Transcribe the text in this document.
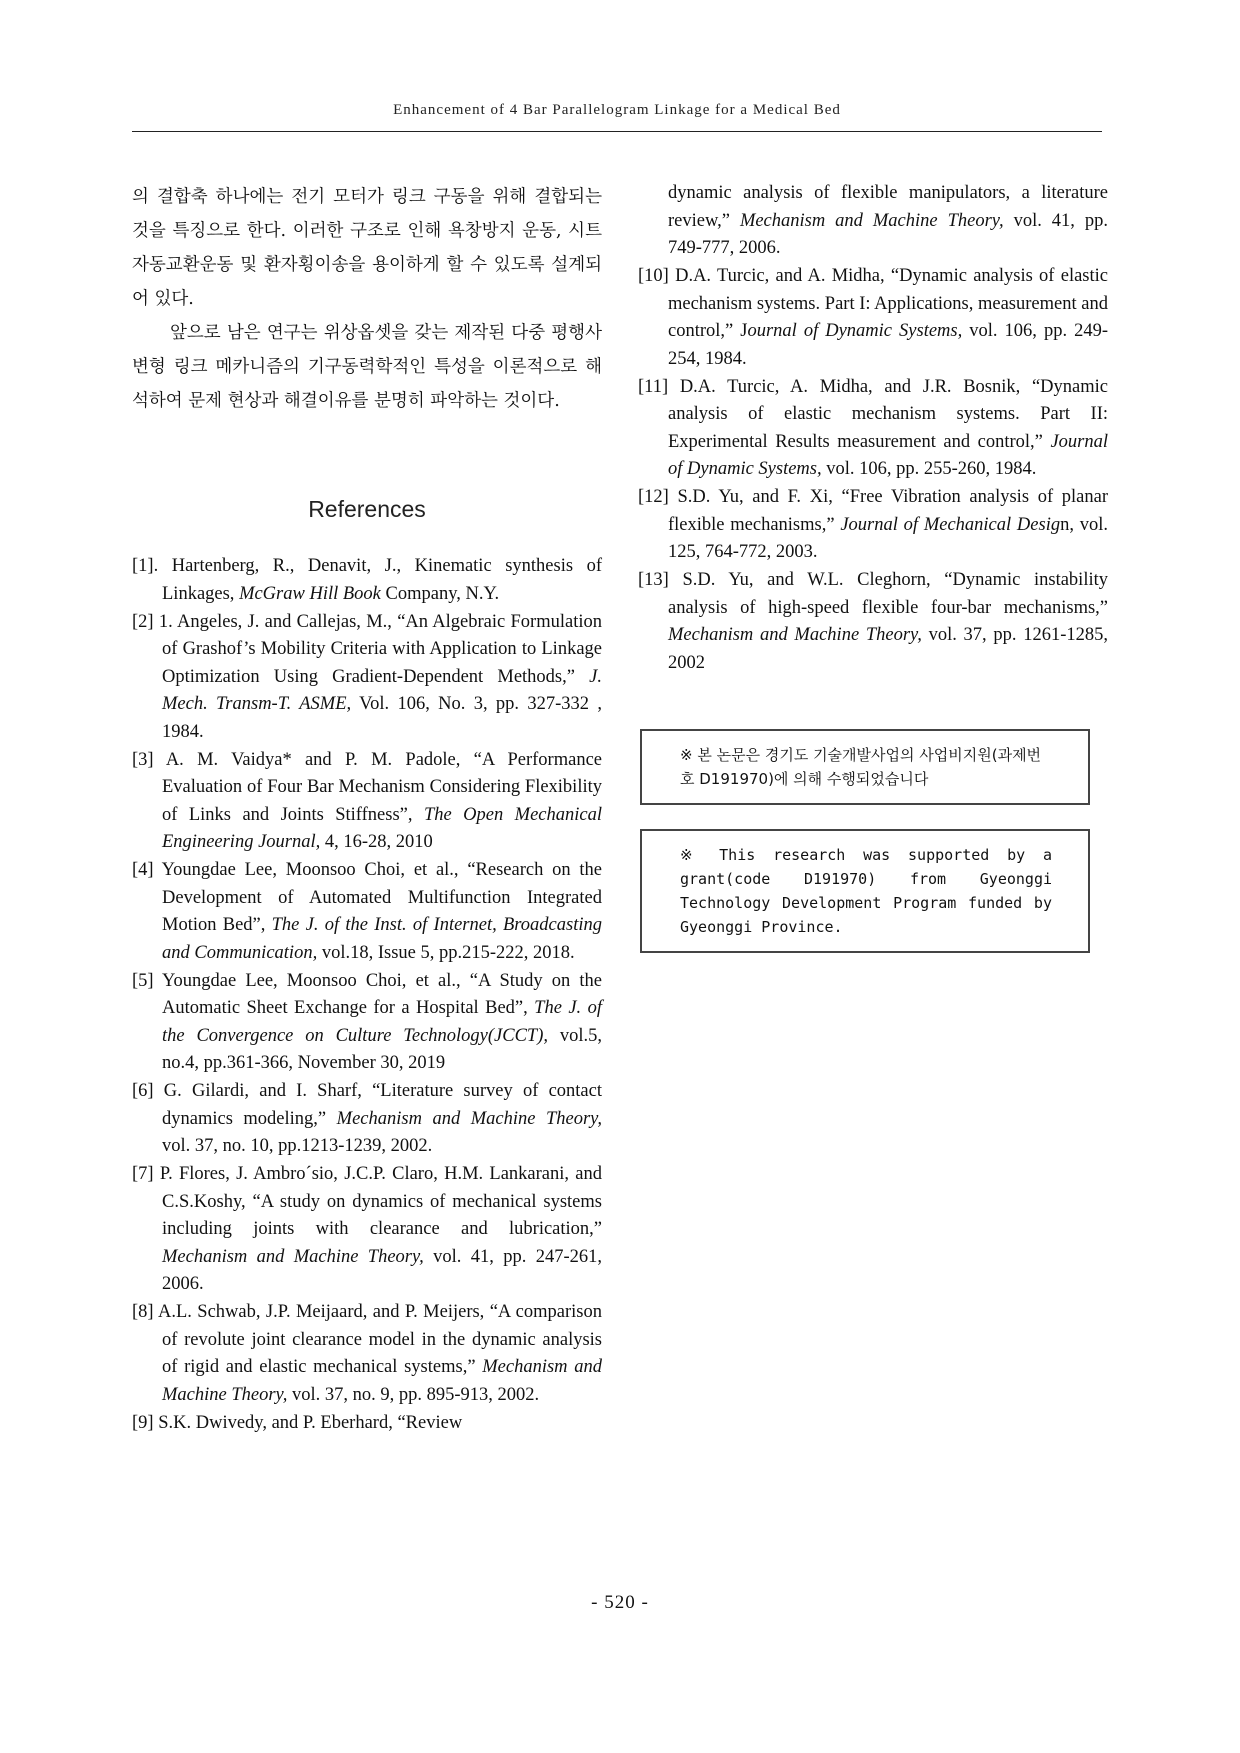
Enhancement of 4 Bar Parallelogram Linkage for a Medical Bed

의 결합축 하나에는 전기 모터가 링크 구동을 위해 결합되는 것을 특징으로 한다. 이러한 구조로 인해 욕창방지 운동, 시트자동교환운동 및 환자횡이송을 용이하게 할 수 있도록 설계되어 있다.

앞으로 남은 연구는 위상옵셋을 갖는 제작된 다중 평행사변형 링크 메카니즘의 기구동력학적인 특성을 이론적으로 해석하여 문제 현상과 해결이유를 분명히 파악하는 것이다.

References
[1]. Hartenberg, R., Denavit, J., Kinematic synthesis of Linkages, McGraw Hill Book Company, N.Y.
[2] 1. Angeles, J. and Callejas, M., “An Algebraic Formulation of Grashof’s Mobility Criteria with Application to Linkage Optimization Using Gradient-Dependent Methods,” J. Mech. Transm-T. ASME, Vol. 106, No. 3, pp. 327-332 , 1984.
[3] A. M. Vaidya* and P. M. Padole, “A Performance Evaluation of Four Bar Mechanism Considering Flexibility of Links and Joints Stiffness”, The Open Mechanical Engineering Journal, 4, 16-28, 2010
[4] Youngdae Lee, Moonsoo Choi, et al., “Research on the Development of Automated Multifunction Integrated Motion Bed”, The J. of the Inst. of Internet, Broadcasting and Communication, vol.18, Issue 5, pp.215-222, 2018.
[5] Youngdae Lee, Moonsoo Choi, et al., “A Study on the Automatic Sheet Exchange for a Hospital Bed”, The J. of the Convergence on Culture Technology(JCCT), vol.5, no.4, pp.361-366, November 30, 2019
[6] G. Gilardi, and I. Sharf, “Literature survey of contact dynamics modeling,” Mechanism and Machine Theory, vol. 37, no. 10, pp.1213-1239, 2002.
[7] P. Flores, J. Ambro´sio, J.C.P. Claro, H.M. Lankarani, and C.S.Koshy, “A study on dynamics of mechanical systems including joints with clearance and lubrication,” Mechanism and Machine Theory, vol. 41, pp. 247-261, 2006.
[8] A.L. Schwab, J.P. Meijaard, and P. Meijers, “A comparison of revolute joint clearance model in the dynamic analysis of rigid and elastic mechanical systems,” Mechanism and Machine Theory, vol. 37, no. 9, pp. 895-913, 2002.
[9] S.K. Dwivedy, and P. Eberhard, “Review
dynamic analysis of flexible manipulators, a literature review,” Mechanism and Machine Theory, vol. 41, pp. 749-777, 2006.
[10] D.A. Turcic, and A. Midha, “Dynamic analysis of elastic mechanism systems. Part I: Applications, measurement and control,” Journal of Dynamic Systems, vol. 106, pp. 249-254, 1984.
[11] D.A. Turcic, A. Midha, and J.R. Bosnik, “Dynamic analysis of elastic mechanism systems. Part II: Experimental Results measurement and control,” Journal of Dynamic Systems, vol. 106, pp. 255-260, 1984.
[12] S.D. Yu, and F. Xi, “Free Vibration analysis of planar flexible mechanisms,” Journal of Mechanical Design, vol. 125, 764-772, 2003.
[13] S.D. Yu, and W.L. Cleghorn, “Dynamic instability analysis of high-speed flexible four-bar mechanisms,” Mechanism and Machine Theory, vol. 37, pp. 1261-1285, 2002
※ 본 논문은 경기도 기술개발사업의 사업비지원(과제번호 D191970)에 의해 수행되었습니다
※ This research was supported by a grant(code D191970) from Gyeonggi Technology Development Program funded by Gyeonggi Province.
- 520 -
